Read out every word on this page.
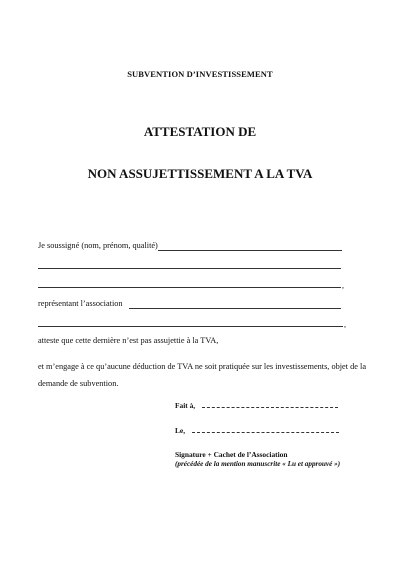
SUBVENTION D’INVESTISSEMENT
ATTESTATION DE
NON ASSUJETTISSEMENT A LA TVA
Je soussigné (nom, prénom, qualité)
,
représentant l’association
,
atteste que cette dernière n’est pas assujettie à la TVA,
et m’engage à ce qu’aucune déduction de TVA ne soit pratiquée sur les investissements, objet de la demande de subvention.
Fait à,
Le,
Signature + Cachet de l’Association
(précédée de la mention manuscrite « Lu et approuvé »)
